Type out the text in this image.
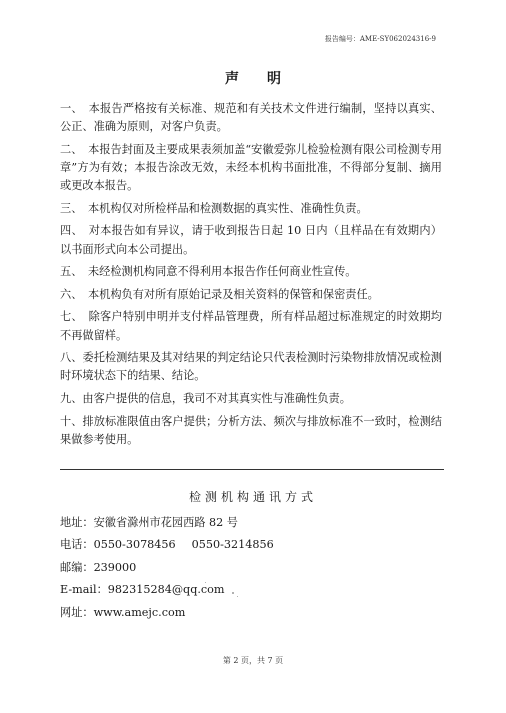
报告编号：AME-SY062024316-9
声明

一、　本报告严格按有关标准、规范和有关技术文件进行编制，坚持以真实、公正、准确为原则，对客户负责。

二、　本报告封面及主要成果表须加盖“安徽爱弥儿检验检测有限公司检测专用章”方为有效；本报告涂改无效，未经本机构书面批准，不得部分复制、摘用或更改本报告。

三、　本机构仅对所检样品和检测数据的真实性、准确性负责。

四、　对本报告如有异议，请于收到报告日起 10 日内（且样品在有效期内）以书面形式向本公司提出。

五、　未经检测机构同意不得利用本报告作任何商业性宣传。

六、　本机构负有对所有原始记录及相关资料的保管和保密责任。

七、　除客户特别申明并支付样品管理费，所有样品超过标准规定的时效期均不再做留样。

八、委托检测结果及其对结果的判定结论只代表检测时污染物排放情况或检测时环境状态下的结果、结论。

九、由客户提供的信息，我司不对其真实性与准确性负责。

十、排放标准限值由客户提供；分析方法、频次与排放标准不一致时，检测结果做参考使用。

检测机构通讯方式
地址：安徽省滁州市花园西路 82 号
电话：0550-3078456 0550-3214856
邮编：239000
E-mail：982315284@qq.com
网址：www.amejc.com
第 2 页，共 7 页
